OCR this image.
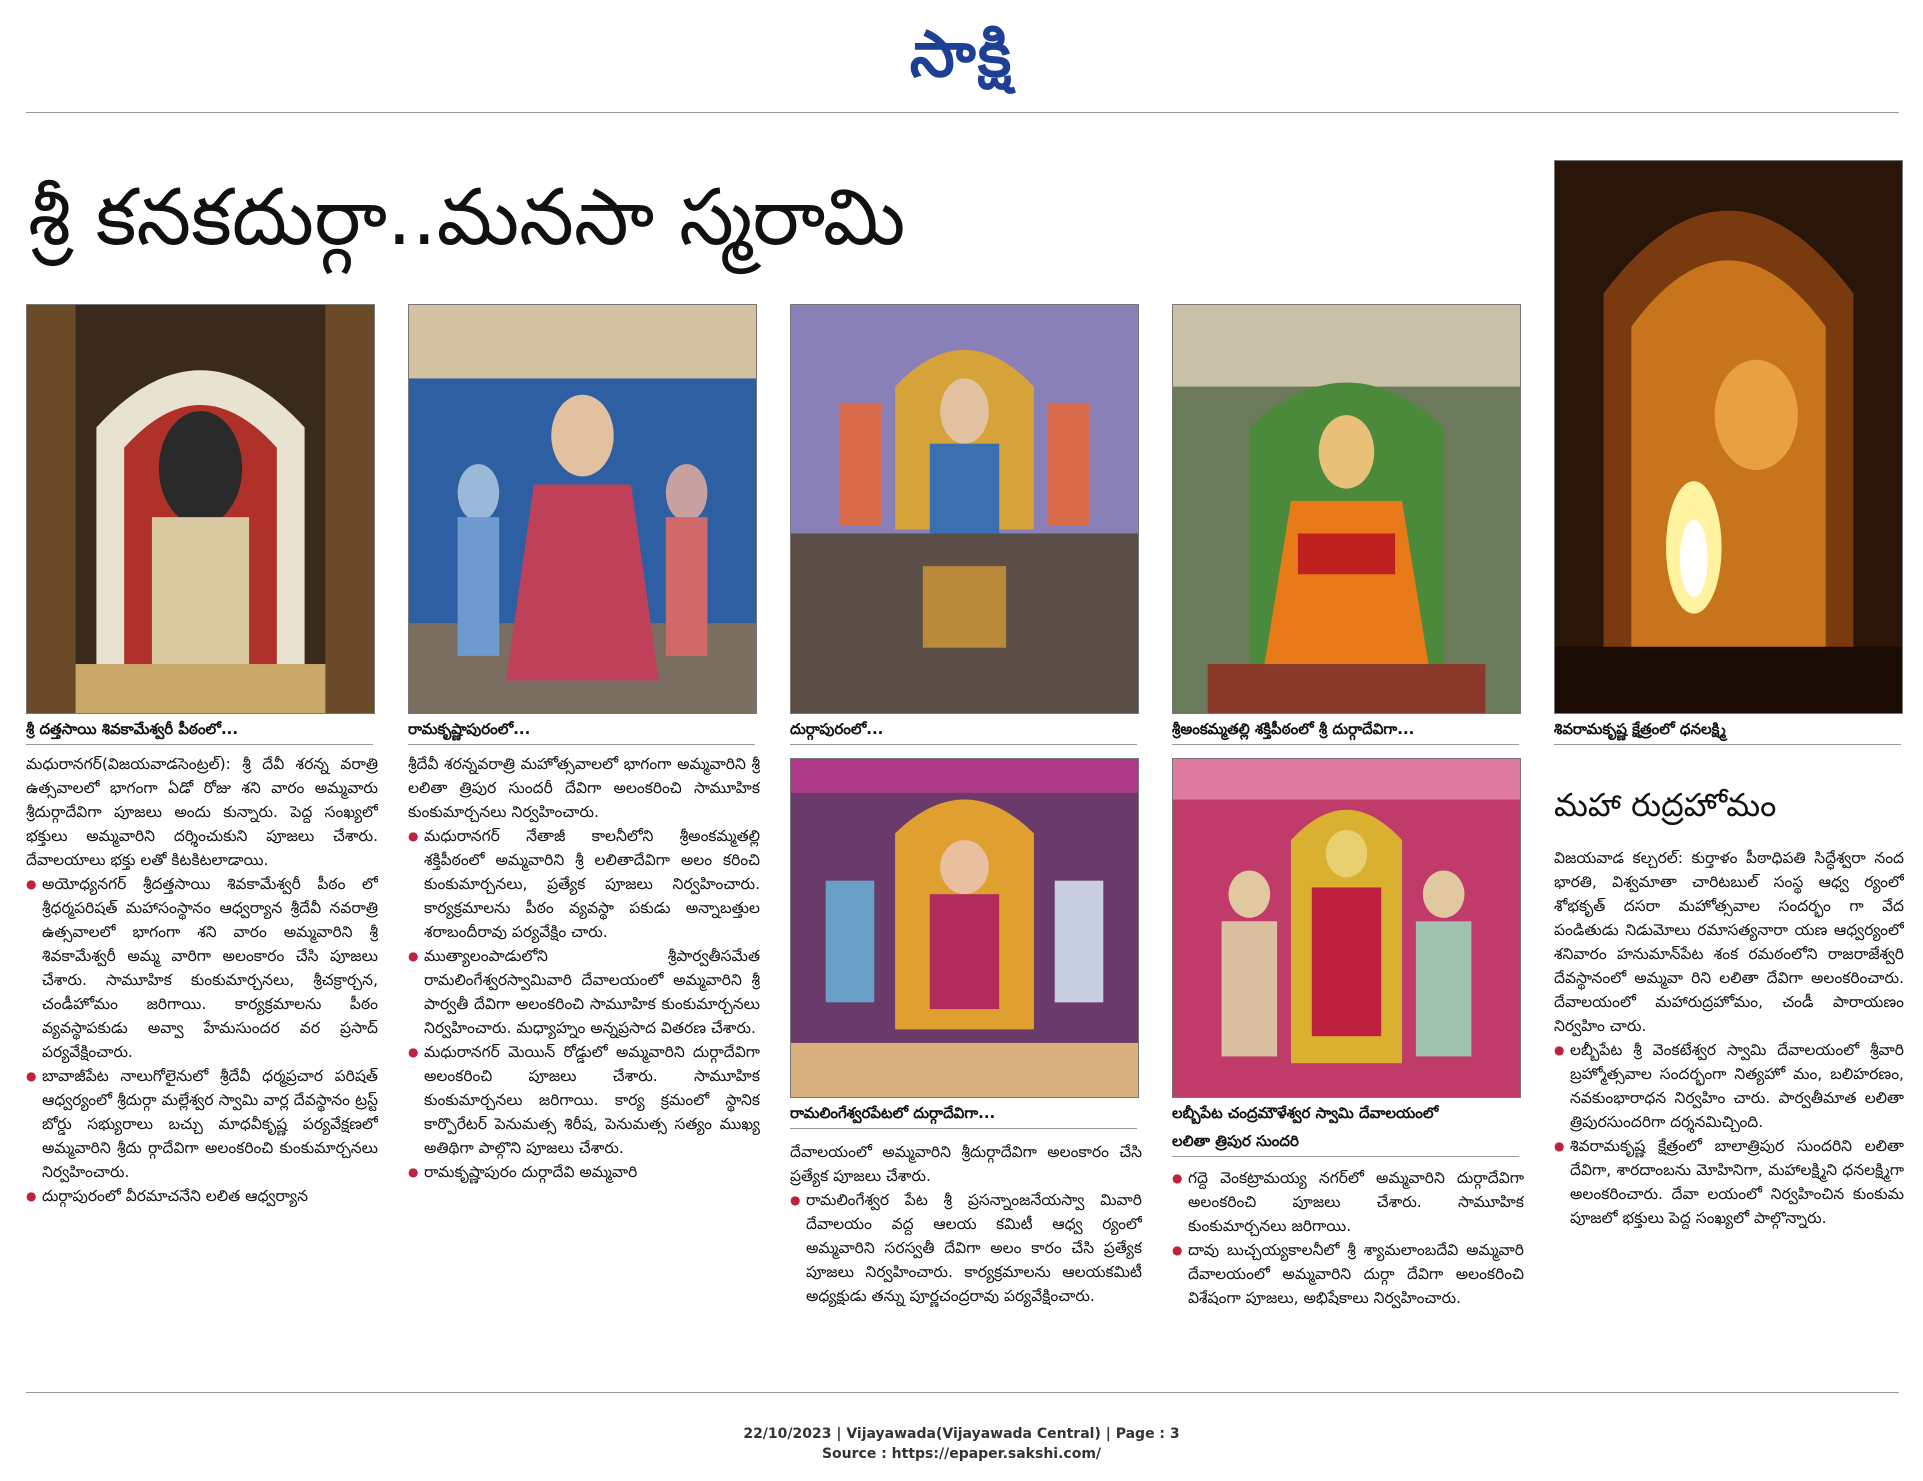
సాక్షి
శ్రీ కనకదుర్గా..మనసా స్మరామి
శ్రీ దత్తసాయి శివకామేశ్వరీ పీఠంలో...	రామకృష్ణాపురంలో...	దుర్గాపురంలో...	శ్రీఅంకమ్మతల్లి శక్తిపీఠంలో శ్రీ దుర్గాదేవిగా...	శివరామకృష్ణ క్షేత్రంలో ధనలక్ష్మి
రామలింగేశ్వరపేటలో దుర్గాదేవిగా...	లబ్బీపేట చంద్రమౌళేశ్వర స్వామి దేవాలయంలో
లలితా త్రిపుర సుందరి

మధురానగర్(విజయవాడసెంట్రల్): శ్రీ దేవీ శరన్న వరాత్రి ఉత్సవాలలో భాగంగా ఏడో రోజు శని వారం అమ్మవారు శ్రీదుర్గాదేవిగా పూజలు అందు కున్నారు. పెద్ద సంఖ్యలో భక్తులు అమ్మవారిని దర్శించుకుని పూజలు చేశారు. దేవాలయాలు భక్తు లతో కిటకిటలాడాయి.

● అయోధ్యనగర్ శ్రీదత్తసాయి శివకామేశ్వరీ పీఠం లో శ్రీధర్మపరిషత్ మహాసంస్థానం ఆధ్వర్యాన శ్రీదేవీ నవరాత్రి ఉత్సవాలలో భాగంగా శని వారం అమ్మవారిని శ్రీ శివకామేశ్వరీ అమ్మ వారిగా అలంకారం చేసి పూజలు చేశారు. సామూహిక కుంకుమార్చనలు, శ్రీచక్రార్చన, చండీహోమం జరిగాయి. కార్యక్రమాలను పీఠం వ్యవస్థాపకుడు అవ్వా హేమసుందర వర ప్రసాద్ పర్యవేక్షించారు.

● బావాజీపేట నాలుగోలైనులో శ్రీదేవీ ధర్మప్రచార పరిషత్ ఆధ్వర్యంలో శ్రీదుర్గా మల్లేశ్వర స్వామి వార్ల దేవస్థానం ట్రస్ట్ బోర్డు సభ్యురాలు బచ్చు మాధవీకృష్ణ పర్యవేక్షణలో అమ్మవారిని శ్రీదు ర్గాదేవిగా అలంకరించి కుంకుమార్చనలు నిర్వహించారు.

● దుర్గాపురంలో వీరమాచనేని లలిత ఆధ్వర్యాన

శ్రీదేవీ శరన్నవరాత్రి మహోత్సవాలలో భాగంగా అమ్మవారిని శ్రీ లలితా త్రిపుర సుందరీ దేవిగా అలంకరించి సామూహిక కుంకుమార్చనలు నిర్వహించారు.

● మధురానగర్ నేతాజీ కాలనీలోని శ్రీఅంకమ్మతల్లి శక్తిపీఠంలో అమ్మవారిని శ్రీ లలితాదేవిగా అలం కరించి కుంకుమార్చనలు, ప్రత్యేక పూజలు నిర్వహించారు. కార్యక్రమాలను పీఠం వ్యవస్థా పకుడు అన్నాబత్తుల శరాబందీరావు పర్యవేక్షిం చారు.

● ముత్యాలంపాడులోని శ్రీపార్వతీసమేత రామలింగేశ్వరస్వామివారి దేవాలయంలో అమ్మవారిని శ్రీ పార్వతీ దేవిగా అలంకరించి సామూహిక కుంకుమార్చనలు నిర్వహించారు. మధ్యాహ్నం అన్నప్రసాద వితరణ చేశారు.

● మధురానగర్ మెయిన్ రోడ్డులో అమ్మవారిని దుర్గాదేవిగా అలంకరించి పూజలు చేశారు. సామూహిక కుంకుమార్చనలు జరిగాయి. కార్య క్రమంలో స్థానిక కార్పొరేటర్ పెనుమత్స శిరీష, పెనుమత్స సత్యం ముఖ్య అతిథిగా పాల్గొని పూజలు చేశారు.

● రామకృష్ణాపురం దుర్గాదేవి అమ్మవారి

దేవాలయంలో అమ్మవారిని శ్రీదుర్గాదేవిగా అలంకారం చేసి ప్రత్యేక పూజలు చేశారు.

● రామలింగేశ్వర పేట శ్రీ ప్రసన్నాంజనేయస్వా మివారి దేవాలయం వద్ద ఆలయ కమిటీ ఆధ్వ ర్యంలో అమ్మవారిని సరస్వతీ దేవిగా అలం కారం చేసి ప్రత్యేక పూజలు నిర్వహించారు. కార్యక్రమాలను ఆలయకమిటీ అధ్యక్షుడు తన్ను పూర్ణచంద్రరావు పర్యవేక్షించారు.

● గద్దె వెంకట్రామయ్య నగర్‌లో అమ్మవారిని దుర్గాదేవిగా అలంకరించి పూజలు చేశారు. సామూహిక కుంకుమార్చనలు జరిగాయి.

● దావు బుచ్చయ్యకాలనీలో శ్రీ శ్యామలాంబదేవి అమ్మవారి దేవాలయంలో అమ్మవారిని దుర్గా దేవిగా అలంకరించి విశేషంగా పూజలు, అభిషేకాలు నిర్వహించారు.

మహా రుద్రహోమం

విజయవాడ కల్చరల్: కుర్తాళం పీఠాధిపతి సిద్ధేశ్వరా నంద భారతి, విశ్వమాతా చారిటబుల్ సంస్థ ఆధ్వ ర్యంలో శోభకృత్ దసరా మహోత్సవాల సందర్భం గా వేద పండితుడు నిడుమోలు రమాసత్యనారా యణ ఆధ్వర్యంలో శనివారం హనుమాన్‌పేట శంక రమఠంలోని రాజరాజేశ్వరి దేవస్థానంలో అమ్మవా రిని లలితా దేవిగా అలంకరించారు. దేవాలయంలో మహారుద్రహోమం, చండీ పారాయణం నిర్వహిం చారు.

● లబ్బీపేట శ్రీ వెంకటేశ్వర స్వామి దేవాలయంలో శ్రీవారి బ్రహ్మోత్సవాల సందర్భంగా నిత్యహో మం, బలిహరణం, నవకుంభారాధన నిర్వహిం చారు. పార్వతీమాత లలితా త్రిపురసుందరిగా దర్శనమిచ్చింది.

● శివరామకృష్ణ క్షేత్రంలో బాలాత్రిపుర సుందరిని లలితా దేవిగా, శారదాంబను మోహినిగా, మహాలక్ష్మిని ధనలక్ష్మిగా అలంకరించారు. దేవా లయంలో నిర్వహించిన కుంకుమ పూజలో భక్తులు పెద్ద సంఖ్యలో పాల్గొన్నారు.

22/10/2023 | Vijayawada(Vijayawada Central) | Page : 3
Source : https://epaper.sakshi.com/
